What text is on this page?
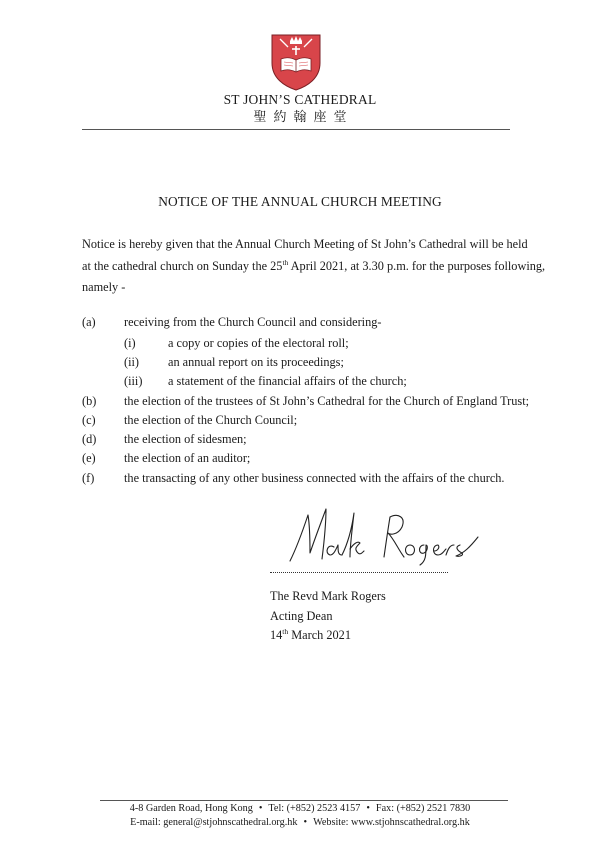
ST JOHN’S CATHEDRAL
聖約翰座堂
NOTICE OF THE ANNUAL CHURCH MEETING
Notice is hereby given that the Annual Church Meeting of St John’s Cathedral will be held
at the cathedral church on Sunday the 25th April 2021, at 3.30 p.m. for the purposes following,
namely -
(a) receiving from the Church Council and considering-
(i)	a copy or copies of the electoral roll;
(ii) an annual report on its proceedings;
(iii) a statement of the financial affairs of the church;
(b) the election of the trustees of St John’s Cathedral for the Church of England Trust;
(c) the election of the Church Council;
(d) the election of sidesmen;
(e) the election of an auditor;
(f) the transacting of any other business connected with the affairs of the church.
The Revd Mark Rogers
Acting Dean
14th March 2021
4-8 Garden Road, Hong Kong • Tel: (+852) 2523 4157 • Fax: (+852) 2521 7830
E-mail: general@stjohnscathedral.org.hk • Website: www.stjohnscathedral.org.hk
